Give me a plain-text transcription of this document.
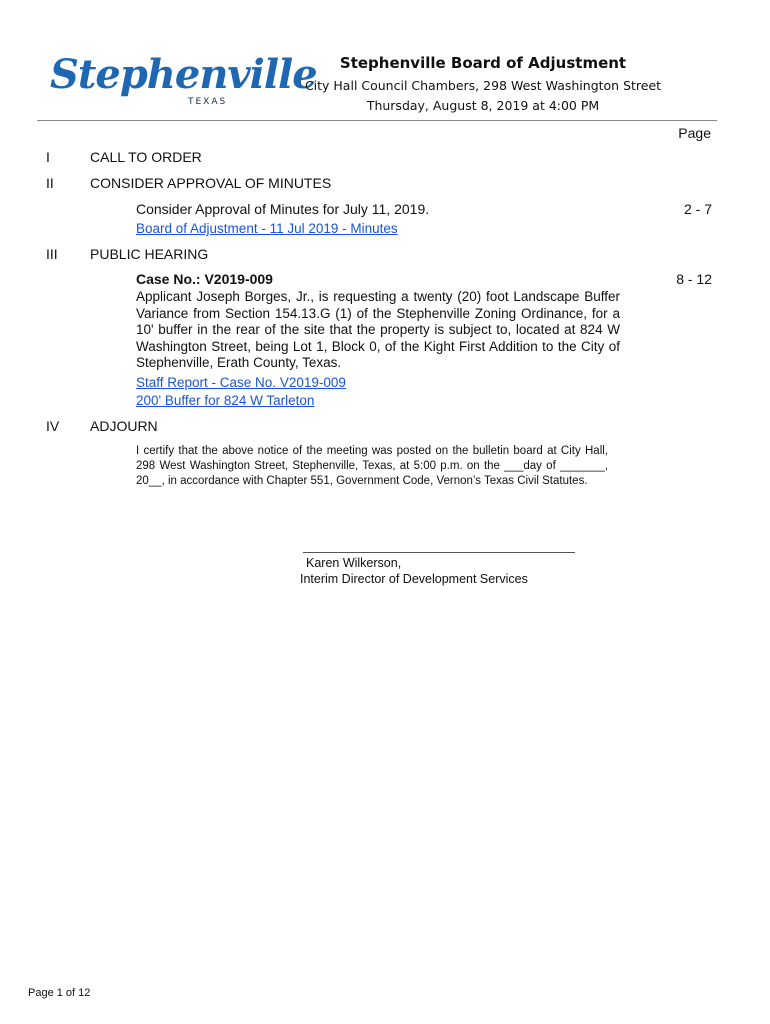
Stephenville
TEXAS
Stephenville Board of Adjustment
City Hall Council Chambers, 298 West Washington Street
Thursday, August 8, 2019 at 4:00 PM
Page
I	CALL TO ORDER
II	CONSIDER APPROVAL OF MINUTES
Consider Approval of Minutes for July 11, 2019.	2 - 7
Board of Adjustment - 11 Jul 2019 - Minutes
III PUBLIC HEARING
Case No.: V2019-009	8 - 12
Applicant Joseph Borges, Jr., is requesting a twenty (20) foot Landscape Buffer Variance from Section 154.13.G (1) of the Stephenville Zoning Ordinance, for a 10' buffer in the rear of the site that the property is subject to, located at 824 W Washington Street, being Lot 1, Block 0, of the Kight First Addition to the City of Stephenville, Erath County, Texas.
Staff Report - Case No. V2019-009
200' Buffer for 824 W Tarleton
IV ADJOURN
I certify that the above notice of the meeting was posted on the bulletin board at City Hall, 298 West Washington Street, Stephenville, Texas, at 5:00 p.m. on the ___day of _______, 20__, in accordance with Chapter 551, Government Code, Vernon’s Texas Civil Statutes.
Karen Wilkerson,
Interim Director of Development Services
Page 1 of 12
